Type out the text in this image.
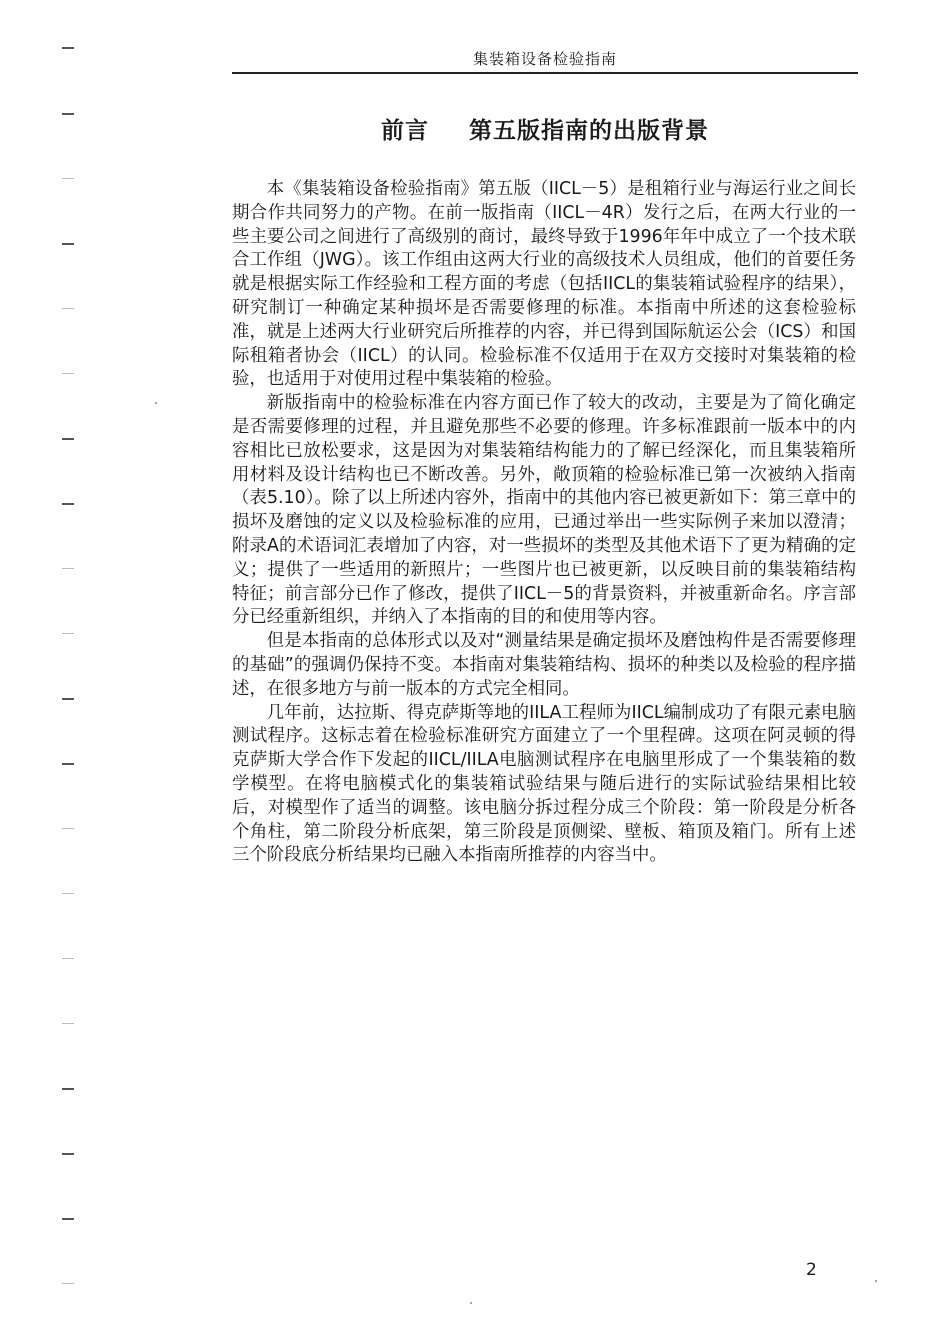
集装箱设备检验指南
前言 第五版指南的出版背景

本《集装箱设备检验指南》第五版（IICL－5）是租箱行业与海运行业之间长期合作共同努力的产物。在前一版指南（IICL－4R）发行之后，在两大行业的一些主要公司之间进行了高级别的商讨，最终导致于1996年年中成立了一个技术联合工作组（JWG）。该工作组由这两大行业的高级技术人员组成，他们的首要任务就是根据实际工作经验和工程方面的考虑（包括IICL的集装箱试验程序的结果），研究制订一种确定某种损坏是否需要修理的标准。本指南中所述的这套检验标准，就是上述两大行业研究后所推荐的内容，并已得到国际航运公会（ICS）和国际租箱者协会（IICL）的认同。检验标准不仅适用于在双方交接时对集装箱的检验，也适用于对使用过程中集装箱的检验。

新版指南中的检验标准在内容方面已作了较大的改动，主要是为了简化确定是否需要修理的过程，并且避免那些不必要的修理。许多标准跟前一版本中的内容相比已放松要求，这是因为对集装箱结构能力的了解已经深化，而且集装箱所用材料及设计结构也已不断改善。另外，敞顶箱的检验标准已第一次被纳入指南（表5.10）。除了以上所述内容外，指南中的其他内容已被更新如下：第三章中的损坏及磨蚀的定义以及检验标准的应用，已通过举出一些实际例子来加以澄清；附录A的术语词汇表增加了内容，对一些损坏的类型及其他术语下了更为精确的定义；提供了一些适用的新照片；一些图片也已被更新，以反映目前的集装箱结构特征；前言部分已作了修改，提供了IICL－5的背景资料，并被重新命名。序言部分已经重新组织，并纳入了本指南的目的和使用等内容。

但是本指南的总体形式以及对“测量结果是确定损坏及磨蚀构件是否需要修理的基础”的强调仍保持不变。本指南对集装箱结构、损坏的种类以及检验的程序描述，在很多地方与前一版本的方式完全相同。

几年前，达拉斯、得克萨斯等地的IILA工程师为IICL编制成功了有限元素电脑测试程序。这标志着在检验标准研究方面建立了一个里程碑。这项在阿灵顿的得克萨斯大学合作下发起的IICL/IILA电脑测试程序在电脑里形成了一个集装箱的数学模型。在将电脑模式化的集装箱试验结果与随后进行的实际试验结果相比较后，对模型作了适当的调整。该电脑分拆过程分成三个阶段：第一阶段是分析各个角柱，第二阶段分析底架，第三阶段是顶侧梁、壁板、箱顶及箱门。所有上述三个阶段底分析结果均已融入本指南所推荐的内容当中。

2
